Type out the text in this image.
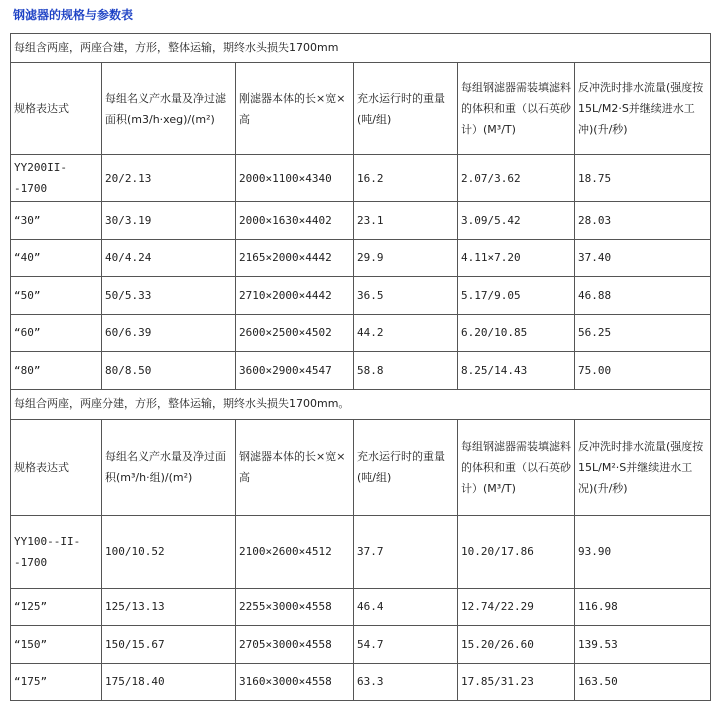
钢滤器的规格与参数表
每组含两座，两座合建，方形，整体运输，期终水头损失1700mm					
规格表达式	每组名义产水量及净过滤面积(m3/h·xeg)/(m²)	刚滤器本体的长×宽×高	充水运行时的重量(吨/组)	每组钢滤器需装填滤料的体积和重（以石英砂计）(M³/T)	反冲洗时排水流量(强度按15L/M2·S并继续进水工冲)(升/秒)
YY200II--1700	20/2.13	2000×1100×4340	16.2	2.07/3.62	18.75
“30”	30/3.19	2000×1630×4402	23.1	3.09/5.42	28.03
“40”	40/4.24	2165×2000×4442	29.9	4.11×7.20	37.40
“50”	50/5.33	2710×2000×4442	36.5	5.17/9.05	46.88
“60”	60/6.39	2600×2500×4502	44.2	6.20/10.85	56.25
“80”	80/8.50	3600×2900×4547	58.8	8.25/14.43	75.00
每组合两座，两座分建，方形，整体运输，期终水头损失1700mm。					
规格表达式	每组名义产水量及净过面积(m³/h·组)/(m²)	钢滤器本体的长×宽×高	充水运行时的重量(吨/组)	每组钢滤器需装填滤料的体积和重（以石英砂计）(M³/T)	反冲洗时排水流量(强度按15L/M²·S并继续进水工况)(升/秒)
YY100--II--1700	100/10.52	2100×2600×4512	37.7	10.20/17.86	93.90
“125”	125/13.13	2255×3000×4558	46.4	12.74/22.29	116.98
“150”	150/15.67	2705×3000×4558	54.7	15.20/26.60	139.53
“175”	175/18.40	3160×3000×4558	63.3	17.85/31.23	163.50
